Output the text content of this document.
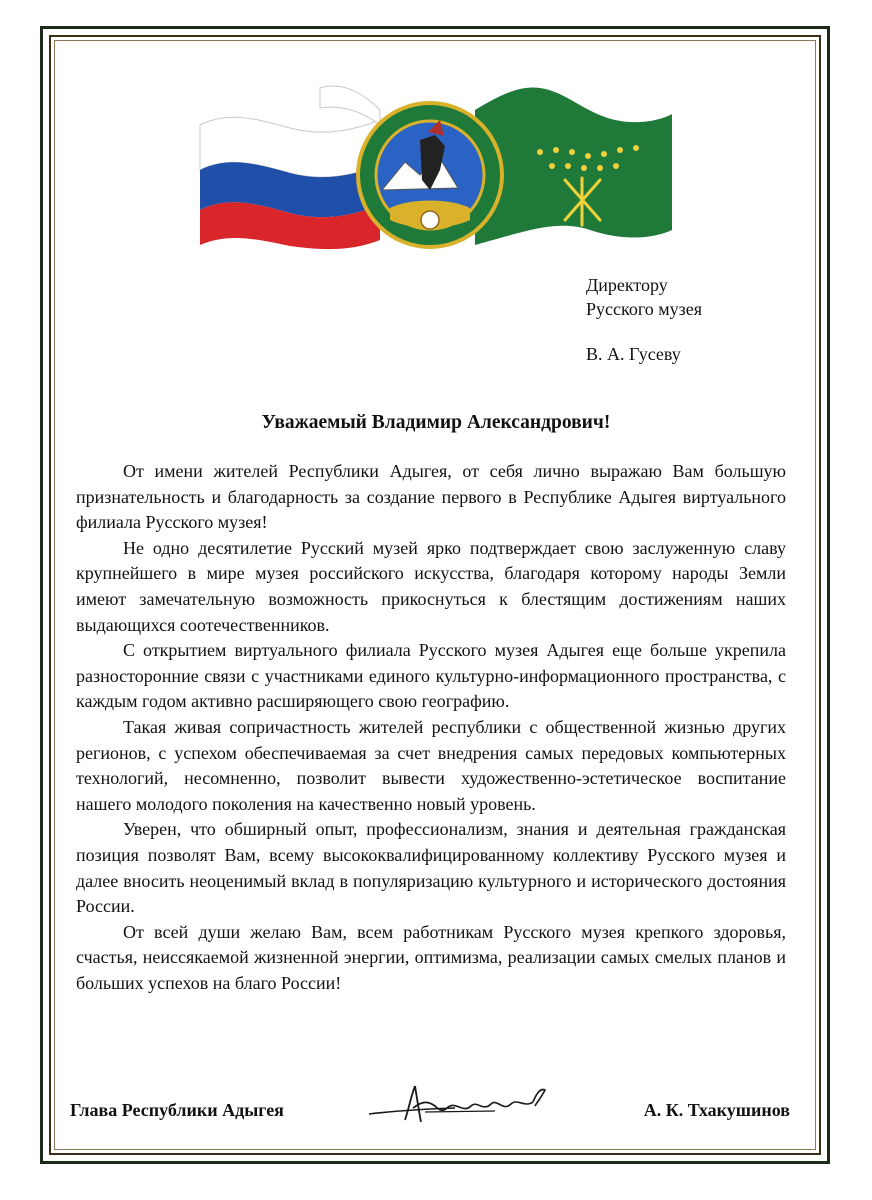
Директору
Русского музея
В. А. Гусеву
Уважаемый Владимир Александрович!

От имени жителей Республики Адыгея, от себя лично выражаю Вам большую признательность и благодарность за создание первого в Республике Адыгея виртуального филиала Русского музея!

Не одно десятилетие Русский музей ярко подтверждает свою заслуженную славу крупнейшего в мире музея российского искусства, благодаря которому народы Земли имеют замечательную возможность прикоснуться к блестящим достижениям наших выдающихся соотечественников.

С открытием виртуального филиала Русского музея Адыгея еще больше укрепила разносторонние связи с участниками единого культурно-информационного пространства, с каждым годом активно расширяющего свою географию.

Такая живая сопричастность жителей республики с общественной жизнью других регионов, с успехом обеспечиваемая за счет внедрения самых передовых компьютерных технологий, несомненно, позволит вывести художественно-эстетическое воспитание нашего молодого поколения на качественно новый уровень.

Уверен, что обширный опыт, профессионализм, знания и деятельная гражданская позиция позволят Вам, всему высококвалифицированному коллективу Русского музея и далее вносить неоценимый вклад в популяризацию культурного и исторического достояния России.

От всей души желаю Вам, всем работникам Русского музея крепкого здоровья, счастья, неиссякаемой жизненной энергии, оптимизма, реализации самых смелых планов и больших успехов на благо России!

Глава Республики Адыгея	А. К. Тхакушинов
